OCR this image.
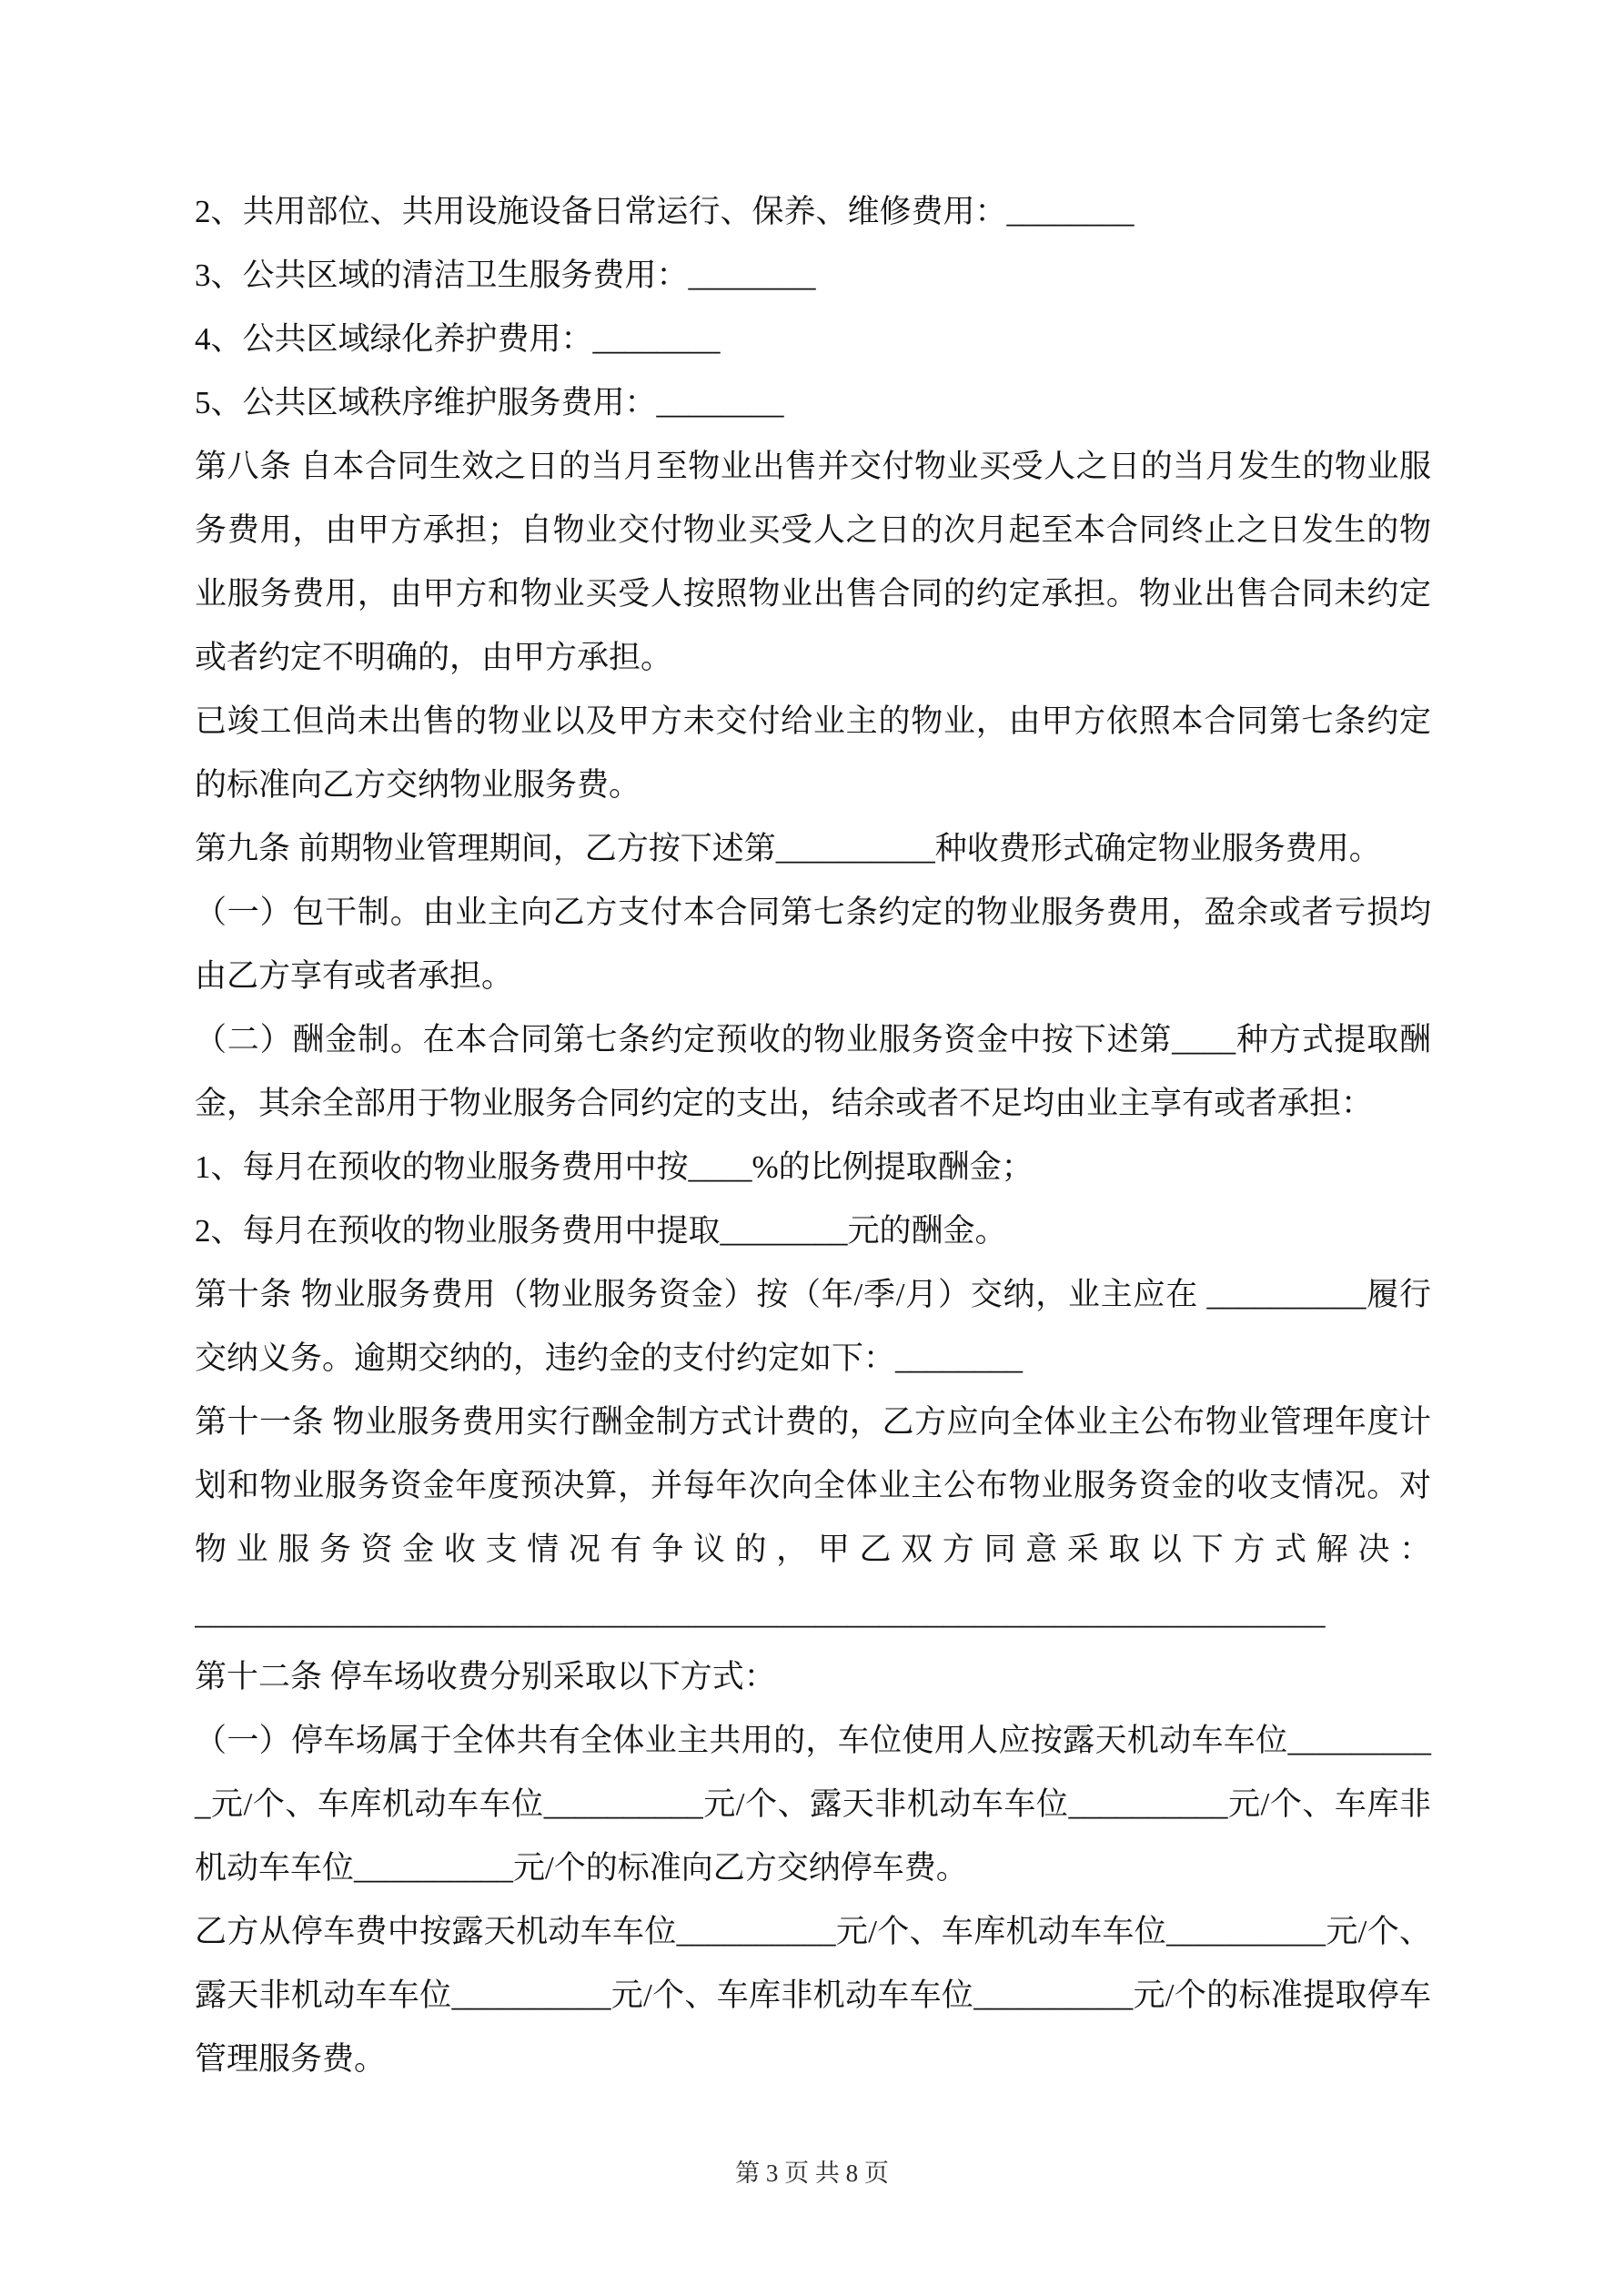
2、共用部位、共用设施设备日常运行、保养、维修费用：________

3、公共区域的清洁卫生服务费用：________

4、公共区域绿化养护费用：________

5、公共区域秩序维护服务费用：________

第八条 自本合同生效之日的当月至物业出售并交付物业买受人之日的当月发生的物业服务费用，由甲方承担；自物业交付物业买受人之日的次月起至本合同终止之日发生的物业服务费用，由甲方和物业买受人按照物业出售合同的约定承担。物业出售合同未约定或者约定不明确的，由甲方承担。

已竣工但尚未出售的物业以及甲方未交付给业主的物业，由甲方依照本合同第七条约定的标准向乙方交纳物业服务费。

第九条 前期物业管理期间，乙方按下述第__________种收费形式确定物业服务费用。

（一）包干制。由业主向乙方支付本合同第七条约定的物业服务费用，盈余或者亏损均由乙方享有或者承担。

（二）酬金制。在本合同第七条约定预收的物业服务资金中按下述第____种方式提取酬金，其余全部用于物业服务合同约定的支出，结余或者不足均由业主享有或者承担：

1、每月在预收的物业服务费用中按____%的比例提取酬金；

2、每月在预收的物业服务费用中提取________元的酬金。

第十条 物业服务费用（物业服务资金）按（年/季/月）交纳，业主应在 __________履行交纳义务。逾期交纳的，违约金的支付约定如下：________

第十一条 物业服务费用实行酬金制方式计费的，乙方应向全体业主公布物业管理年度计划和物业服务资金年度预决算，并每年次向全体业主公布物业服务资金的收支情况。对物业服务资金收支情况有争议的，甲乙双方同意采取以下方式解决：

_______________________________________________________________________

第十二条 停车场收费分别采取以下方式：

（一）停车场属于全体共有全体业主共用的，车位使用人应按露天机动车车位__________元/个、车库机动车车位__________元/个、露天非机动车车位__________元/个、车库非机动车车位__________元/个的标准向乙方交纳停车费。

乙方从停车费中按露天机动车车位__________元/个、车库机动车车位__________元/个、露天非机动车车位__________元/个、车库非机动车车位__________元/个的标准提取停车管理服务费。

第 3 页 共 8 页
